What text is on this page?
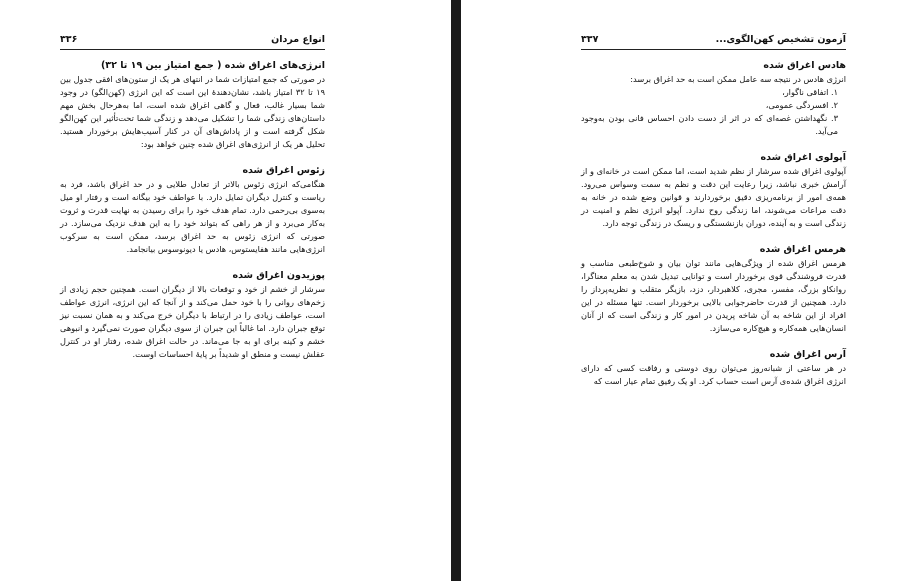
انواع مردان
۳۳۶
انرژی‌های اغراق شده ( جمع امتیاز بین ۱۹ تا ۳۲)

در صورتی که جمع امتیازات شما در انتهای هر یک از ستون‌های افقی جدول بین ۱۹ تا ۳۲ امتیاز باشد، نشان‌دهندهٔ این است که این انرژی (کهن‌الگو) در وجود شما بسیار غالب، فعال و گاهی اغراق شده است، اما به‌هرحال بخش مهم داستان‌های زندگی شما را تشکیل می‌دهد و زندگی شما تحت‌تأثیر این کهن‌الگو شکل گرفته است و از پاداش‌های آن در کنار آسیب‌هایش برخوردار هستید. تحلیل هر یک از انرژی‌های اغراق شده چنین خواهد بود:

زئوس اغراق شده

هنگامی‌که انرژی زئوس بالاتر از تعادل طلایی و در حد اغراق باشد، فرد به ریاست و کنترل دیگران تمایل دارد. با عواطف خود بیگانه است و رفتار او میل به‌سوی بی‌رحمی دارد. تمام هدف خود را برای رسیدن به نهایت قدرت و ثروت به‌کار می‌برد و از هر راهی که بتواند خود را به این هدف نزدیک می‌سازد. در صورتی که انرژی زئوس به حد اغراق برسد، ممکن است به سرکوب انرژی‌هایی مانند هفایستوس، هادس یا دیونوسوس بیانجامد.

پوزیدون اغراق شده

سرشار از خشم از خود و توقعات بالا از دیگران است. همچنین حجم زیادی از زخم‌های روانی را با خود حمل می‌کند و از آنجا که این انرژی، انرژی عواطف است، عواطف زیادی را در ارتباط با دیگران خرج می‌کند و به همان نسبت نیز توقع جبران دارد. اما غالباً این جبران از سوی دیگران صورت نمی‌گیرد و انبوهی خشم و کینه برای او به جا می‌ماند. در حالت اغراق شده، رفتار او در کنترل عقلش نیست و منطق او شدیداً بر پایهٔ احساسات اوست.

آزمون تشخیص کهن‌الگوی...
۳۳۷
هادس اغراق شده

انرژی هادس در نتیجه سه عامل ممکن است به حد اغراق برسد:

۱. اتفاقی ناگوار،
۲. افسردگی عمومی،
۳. نگهداشتن غصه‌ای که در اثر از دست دادن احساس فانی بودن به‌وجود می‌آید.
آپولوی اغراق شده

آپولوی اغراق شده سرشار از نظم شدید است، اما ممکن است در خانه‌ای و از آرامش خبری نباشد، زیرا رعایت این دقت و نظم به سمت وسواس می‌رود. همه‌ی امور از برنامه‌ریزی دقیق برخوردارند و قوانین وضع شده در خانه به دقت مراعات می‌شوند، اما زندگی روح ندارد. آپولو انرژی نظم و امنیت در زندگی است و به آینده، دوران بازنشستگی و ریسک در زندگی توجه دارد.

هرمس اغراق شده

هرمس اغراق شده از ویژگی‌هایی مانند توان بیان و شوخ‌طبعی مناسب و قدرت فروشندگی قوی برخوردار است و توانایی تبدیل شدن به معلم معناگرا، روانکاو بزرگ، مفسر، مجری، کلاهبردار، دزد، بازیگر متقلب و نظریه‌پرداز را دارد. همچنین از قدرت حاضرجوابی بالایی برخوردار است. تنها مسئله در این افراد از این شاخه به آن شاخه پریدن در امور کار و زندگی است که از آنان انسان‌هایی همه‌کاره و هیچ‌کاره می‌سازد.

آرس اغراق شده

در هر ساعتی از شبانه‌روز می‌توان روی دوستی و رفاقت کسی که دارای انرژی اغراق شده‌ی آرس است حساب کرد. او یک رفیق تمام عیار است که
